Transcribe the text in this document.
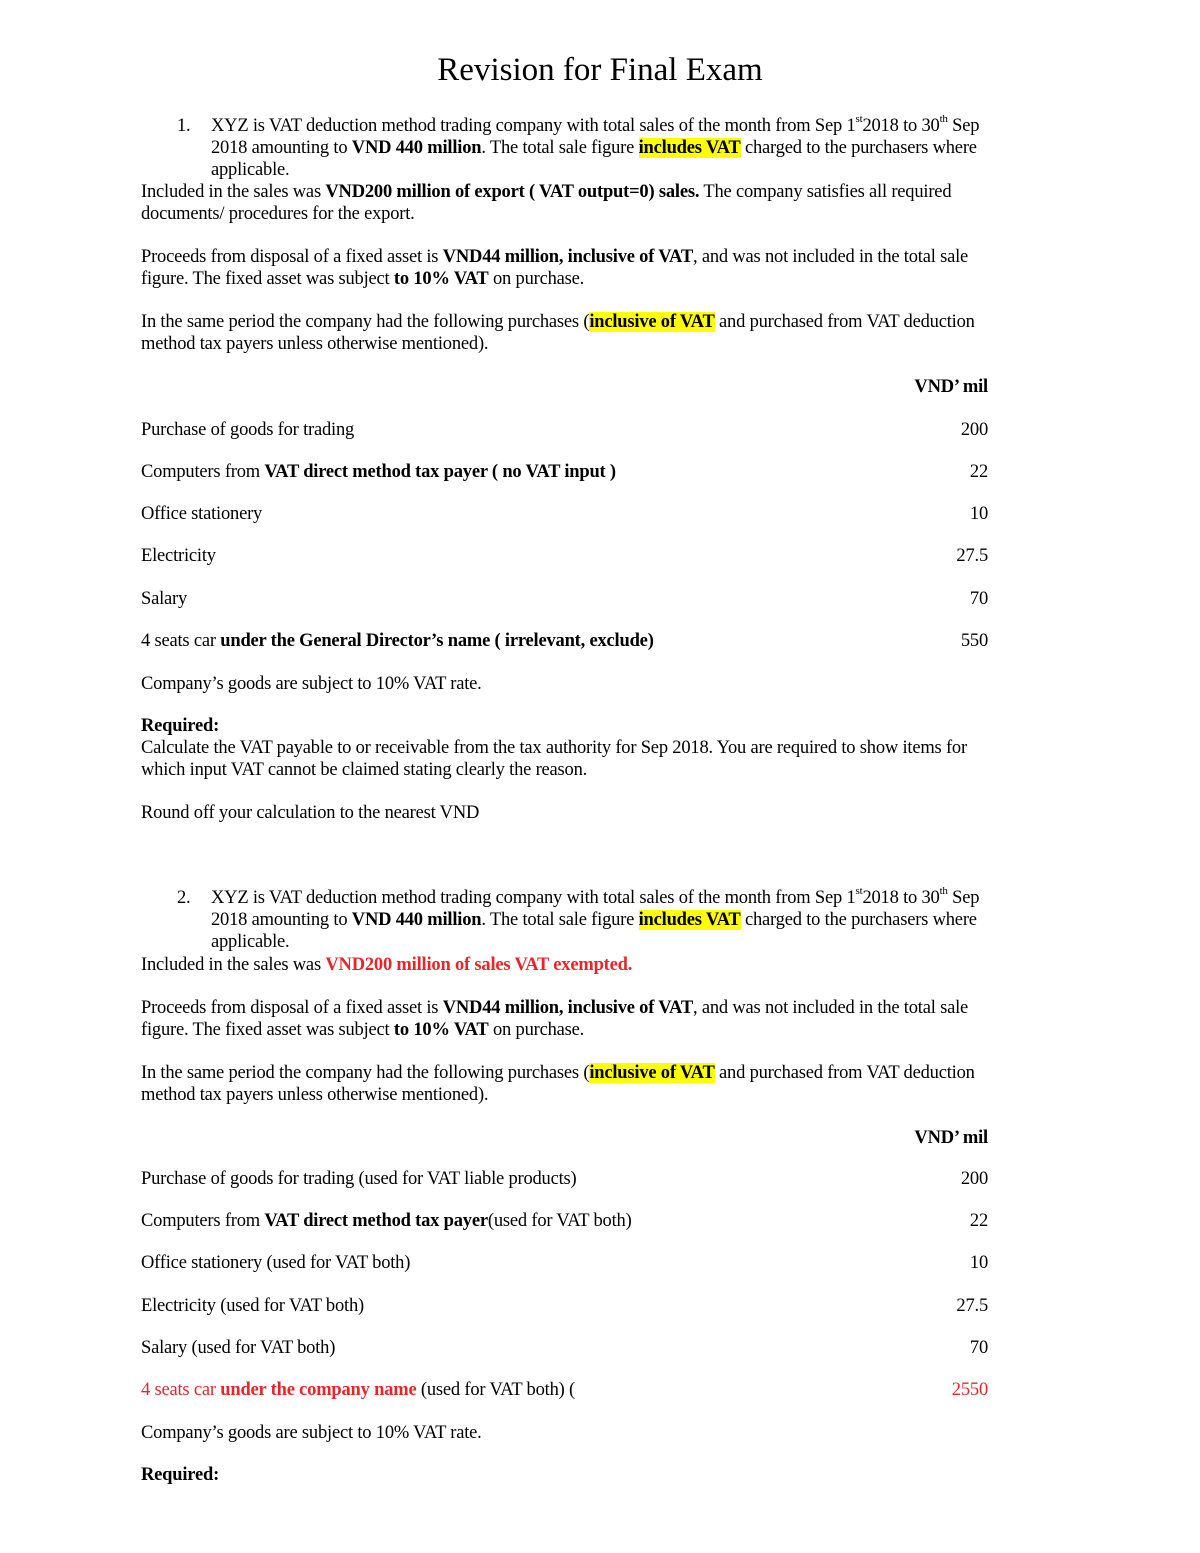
Revision for Final Exam
1. XYZ is VAT deduction method trading company with total sales of the month from Sep 1st2018 to 30th Sep
2018 amounting to VND 440 million. The total sale figure includes VAT charged to the purchasers where
applicable.
Included in the sales was VND200 million of export ( VAT output=0) sales. The company satisfies all required
documents/ procedures for the export.
Proceeds from disposal of a fixed asset is VND44 million, inclusive of VAT, and was not included in the total sale
figure. The fixed asset was subject to 10% VAT on purchase.
In the same period the company had the following purchases (inclusive of VAT and purchased from VAT deduction
method tax payers unless otherwise mentioned).
VND’ mil
Purchase of goods for trading	200
Computers from VAT direct method tax payer ( no VAT input )	22
Office stationery	10
Electricity	27.5
Salary	70
4 seats car under the General Director’s name ( irrelevant, exclude)	550
Company’s goods are subject to 10% VAT rate.
Required:
Calculate the VAT payable to or receivable from the tax authority for Sep 2018. You are required to show items for
which input VAT cannot be claimed stating clearly the reason.
Round off your calculation to the nearest VND
2. XYZ is VAT deduction method trading company with total sales of the month from Sep 1st2018 to 30th Sep
2018 amounting to VND 440 million. The total sale figure includes VAT charged to the purchasers where
applicable.
Included in the sales was VND200 million of sales VAT exempted.
Proceeds from disposal of a fixed asset is VND44 million, inclusive of VAT, and was not included in the total sale
figure. The fixed asset was subject to 10% VAT on purchase.
In the same period the company had the following purchases (inclusive of VAT and purchased from VAT deduction
method tax payers unless otherwise mentioned).
VND’ mil
Purchase of goods for trading (used for VAT liable products)	200
Computers from VAT direct method tax payer(used for VAT both)	22
Office stationery (used for VAT both)	10
Electricity (used for VAT both)	27.5
Salary (used for VAT both)	70
4 seats car under the company name (used for VAT both) (	2550
Company’s goods are subject to 10% VAT rate.
Required:
